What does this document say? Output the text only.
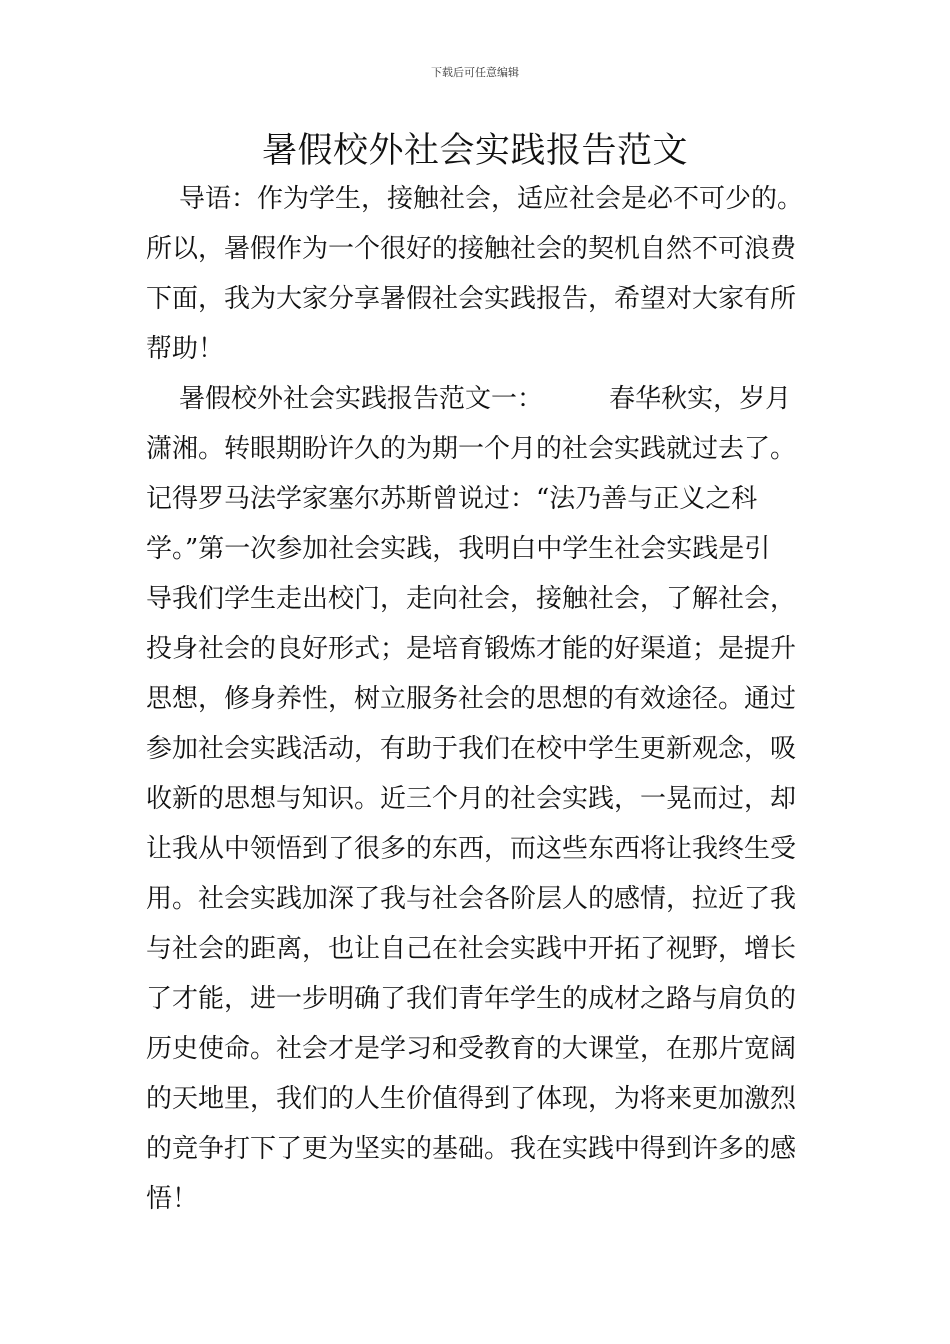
下载后可任意编辑
暑假校外社会实践报告范文
导语：作为学生，接触社会，适应社会是必不可少的。
所以，暑假作为一个很好的接触社会的契机自然不可浪费
下面，我为大家分享暑假社会实践报告，希望对大家有所
帮助！
暑假校外社会实践报告范文一：        春华秋实，岁月
潇湘。转眼期盼许久的为期一个月的社会实践就过去了。
记得罗马法学家塞尔苏斯曾说过：“法乃善与正义之科
学。”第一次参加社会实践，我明白中学生社会实践是引
导我们学生走出校门，走向社会，接触社会，了解社会，
投身社会的良好形式；是培育锻炼才能的好渠道；是提升
思想，修身养性，树立服务社会的思想的有效途径。通过
参加社会实践活动，有助于我们在校中学生更新观念，吸
收新的思想与知识。近三个月的社会实践，一晃而过，却
让我从中领悟到了很多的东西，而这些东西将让我终生受
用。社会实践加深了我与社会各阶层人的感情，拉近了我
与社会的距离，也让自己在社会实践中开拓了视野，增长
了才能，进一步明确了我们青年学生的成材之路与肩负的
历史使命。社会才是学习和受教育的大课堂，在那片宽阔
的天地里，我们的人生价值得到了体现，为将来更加激烈
的竞争打下了更为坚实的基础。我在实践中得到许多的感
悟！
